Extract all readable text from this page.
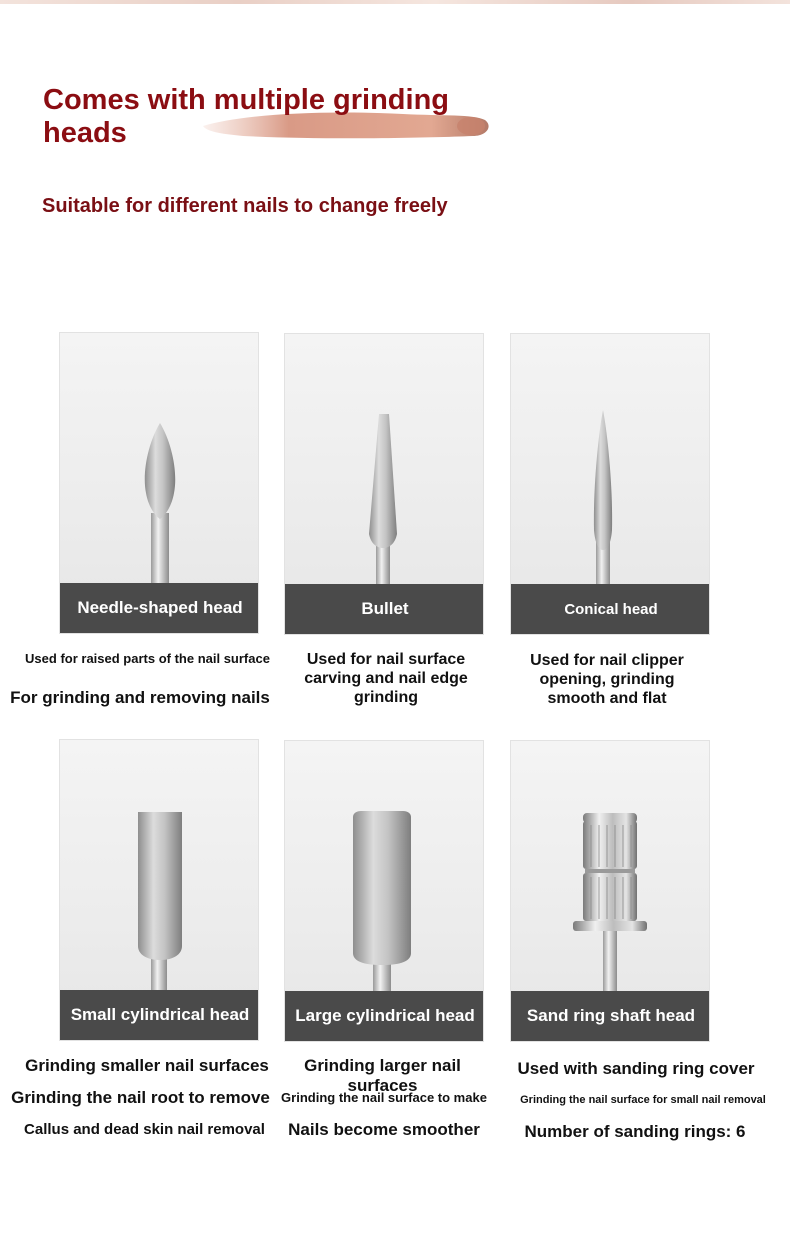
Comes with multiple grinding heads
Suitable for different nails to change freely
Needle-shaped head	Bullet	Conical head
Small cylindrical head	Large cylindrical head	Sand ring shaft head
Used for raised parts of the nail surface
For grinding and removing nails
Used for nail surface carving and nail edge grinding
Used for nail clipper opening, grinding smooth and flat
Grinding smaller nail surfaces
Grinding the nail root to remove
Callus and dead skin nail removal
Grinding larger nail surfaces
Grinding the nail surface to make
Nails become smoother
Used with sanding ring cover
Grinding the nail surface for small nail removal
Number of sanding rings: 6
